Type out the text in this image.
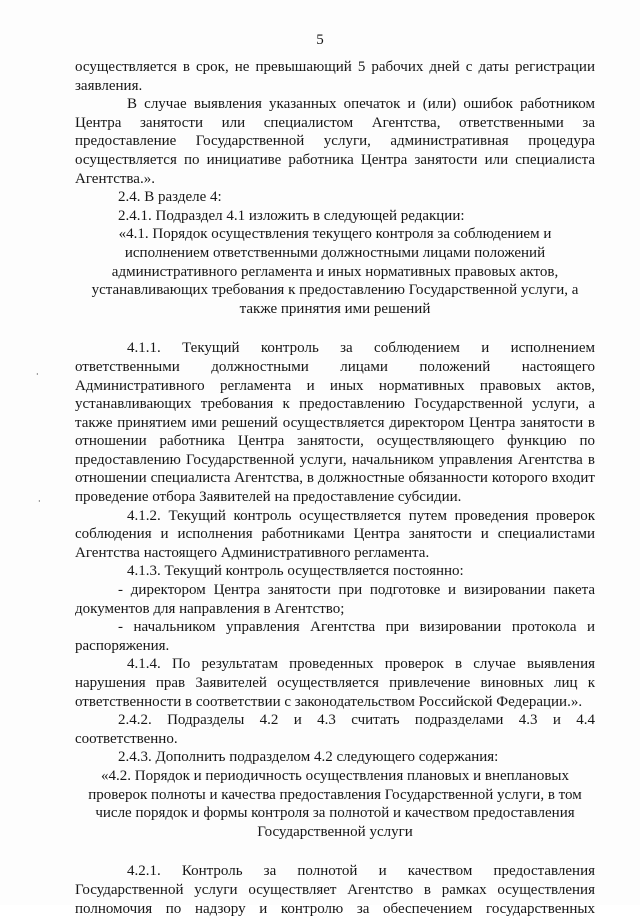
5

осуществляется в срок, не превышающий 5 рабочих дней с даты регистрации

заявления.

В случае выявления указанных опечаток и (или) ошибок работником Центра занятости или специалистом Агентства, ответственными за предоставление Государственной услуги, административная процедура осуществляется по инициативе работника Центра занятости или специалиста Агентства.».

2.4. В разделе 4:

2.4.1. Подраздел 4.1 изложить в следующей редакции:

«4.1. Порядок осуществления текущего контроля за соблюдением и исполнением ответственными должностными лицами положений административного регламента и иных нормативных правовых актов, устанавливающих требования к предоставлению Государственной услуги, а также принятия ими решений

4.1.1. Текущий контроль за соблюдением и исполнением ответственными должностными лицами положений настоящего Административного регламента и иных нормативных правовых актов, устанавливающих требования к предоставлению Государственной услуги, а также принятием ими решений осуществляется директором Центра занятости в отношении работника Центра занятости, осуществляющего функцию по предоставлению Государственной услуги, начальником управления Агентства в отношении специалиста Агентства, в должностные обязанности которого входит проведение отбора Заявителей на предоставление субсидии.

4.1.2. Текущий контроль осуществляется путем проведения проверок соблюдения и исполнения работниками Центра занятости и специалистами Агентства настоящего Административного регламента.

4.1.3. Текущий контроль осуществляется постоянно:

- директором Центра занятости при подготовке и визировании пакета документов для направления в Агентство;

- начальником управления Агентства при визировании протокола и распоряжения.

4.1.4. По результатам проведенных проверок в случае выявления нарушения прав Заявителей осуществляется привлечение виновных лиц к ответственности в соответствии с законодательством Российской Федерации.».

2.4.2. Подразделы 4.2 и 4.3 считать подразделами 4.3 и 4.4 соответственно.

2.4.3. Дополнить подразделом 4.2 следующего содержания:

«4.2. Порядок и периодичность осуществления плановых и внеплановых проверок полноты и качества предоставления Государственной услуги, в том числе порядок и формы контроля за полнотой и качеством предоставления Государственной услуги

4.2.1. Контроль за полнотой и качеством предоставления Государственной услуги осуществляет Агентство в рамках осуществления полномочия по надзору и контролю за обеспечением государственных

⸳
⸳
